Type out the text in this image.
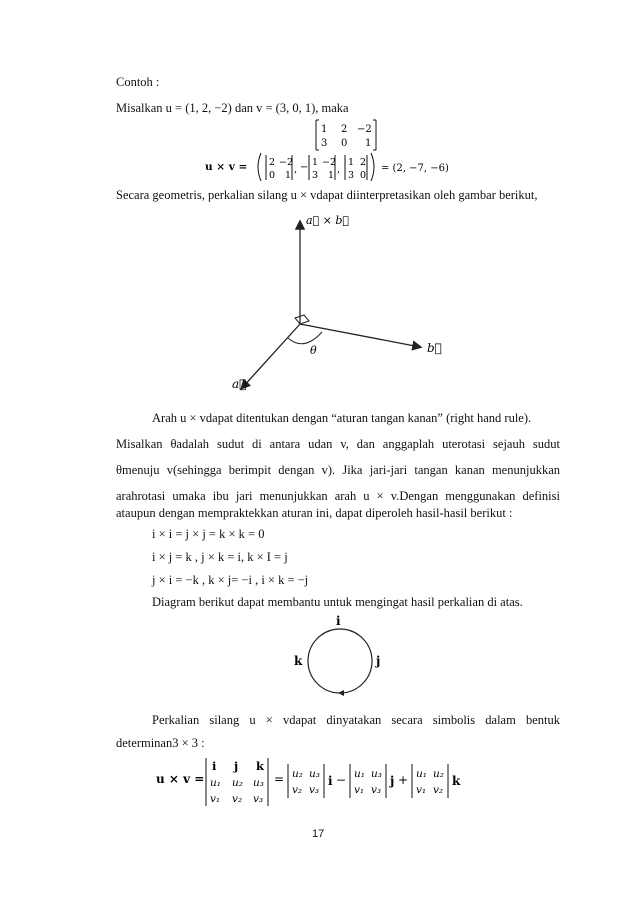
Contoh :
Misalkan u = (1, 2, −2) dan v = (3, 0, 1), maka
1 2 −2
3 0 1
u × v = 2 −2
0 1
, − 1 −2
3 1
,
1 2
3 0
= (2, −7, −6)
Secara geometris, perkalian silang u × vdapat diinterpretasikan oleh gambar berikut,
a⃗ × b⃗
b⃗
a⃗
θ
Arah u × vdapat ditentukan dengan “aturan tangan kanan” (right hand rule).
Misalkan θadalah sudut di antara udan v, dan anggaplah uterotasi sejauh sudut
θmenuju v(sehingga berimpit dengan v). Jika jari-jari tangan kanan menunjukkan
arahrotasi umaka ibu jari menunjukkan arah u × v.Dengan menggunakan definisi
ataupun dengan mempraktekkan aturan ini, dapat diperoleh hasil-hasil berikut :
i × i = j × j = k × k = 0
i × j = k , j × k = i, k × I = j
j × i = −k , k × j= −i , i × k = −j
Diagram berikut dapat membantu untuk mengingat hasil perkalian di atas.
i
j
k
Perkalian silang u × vdapat dinyatakan secara simbolis dalam bentuk
determinan3 × 3 :
u × v =
i j k
u₁ u₂ u₃
v₁ v₂ v₃
= u₂ u₃
v₂ v₃
i − u₁ u₃
v₁ v₃
j + u₁ u₂
v₁ v₂
k
17
